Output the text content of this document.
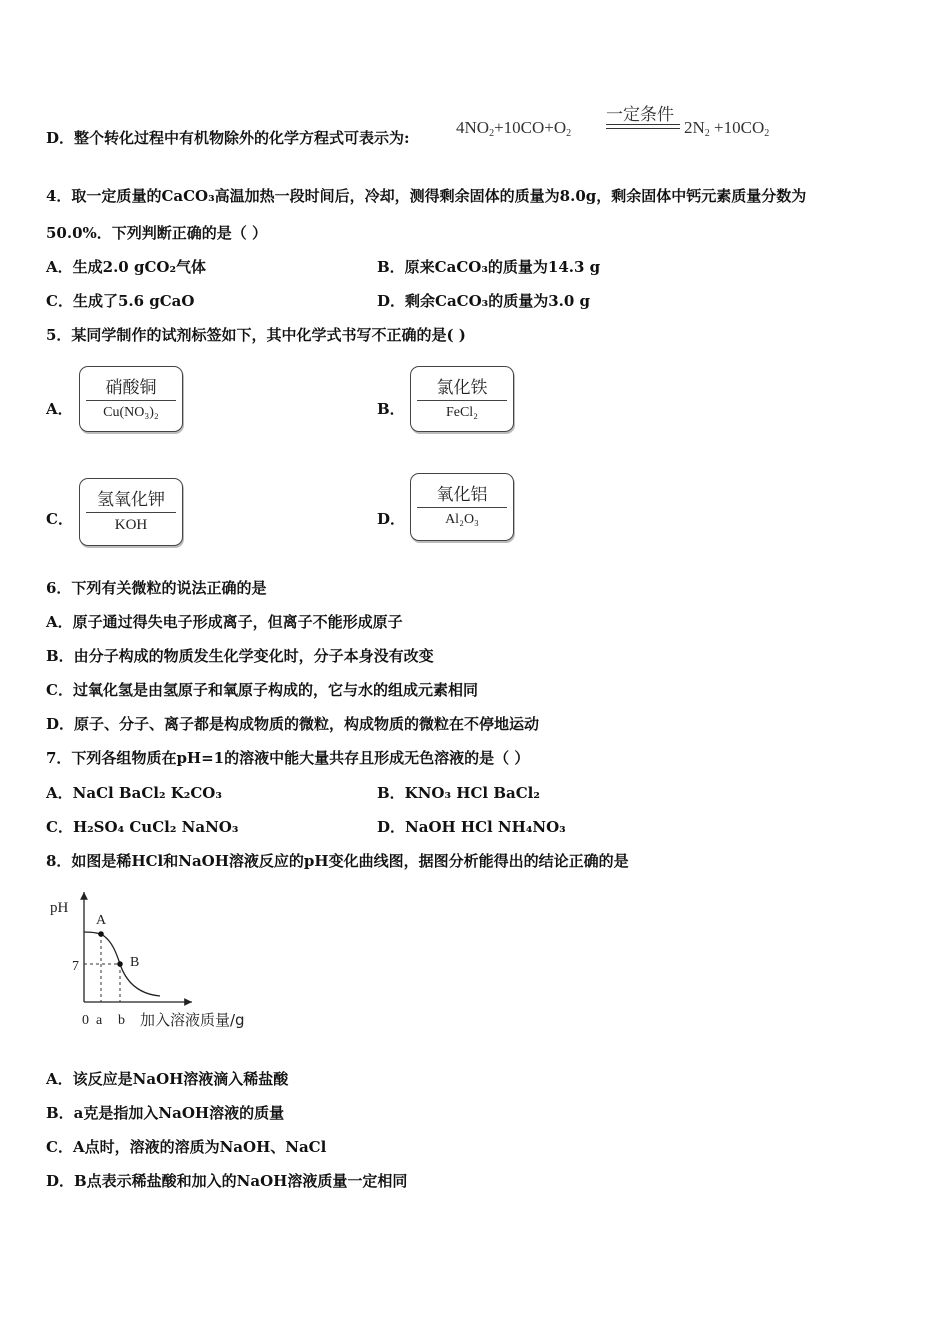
D．整个转化过程中有机物除外的化学方程式可表示为:
$4NO_2+10CO+O_2$
一定条件
$2N_2 +10CO_2$
4．取一定质量的CaCO₃高温加热一段时间后，冷却，测得剩余固体的质量为8.0g，剩余固体中钙元素质量分数为
50.0%．下列判断正确的是（ ）
A．生成2.0 gCO₂气体	B．原来CaCO₃的质量为14.3 g
C．生成了5.6 gCaO	D．剩余CaCO₃的质量为3.0 g
5．某同学制作的试剂标签如下，其中化学式书写不正确的是( )
A．
硝酸铜
Cu(NO₃)₂	B．
氯化铁
FeCl₂
C．
氢氧化钾
KOH	D．
氧化铝
Al₂O₃
6．下列有关微粒的说法正确的是
A．原子通过得失电子形成离子，但离子不能形成原子
B．由分子构成的物质发生化学变化时，分子本身没有改变
C．过氧化氢是由氢原子和氧原子构成的，它与水的组成元素相同
D．原子、分子、离子都是构成物质的微粒，构成物质的微粒在不停地运动
7．下列各组物质在pH=1的溶液中能大量共存且形成无色溶液的是（ ）
A．NaCl BaCl₂ K₂CO₃	B．KNO₃ HCl BaCl₂
C．H₂SO₄ CuCl₂ NaNO₃	D．NaOH HCl NH₄NO₃
8．如图是稀HCl和NaOH溶液反应的pH变化曲线图，据图分析能得出的结论正确的是
pH
7
A
B
0 a b 加入溶液质量/g
A．该反应是NaOH溶液滴入稀盐酸
B．a克是指加入NaOH溶液的质量
C．A点时，溶液的溶质为NaOH、NaCl
D．B点表示稀盐酸和加入的NaOH溶液质量一定相同
